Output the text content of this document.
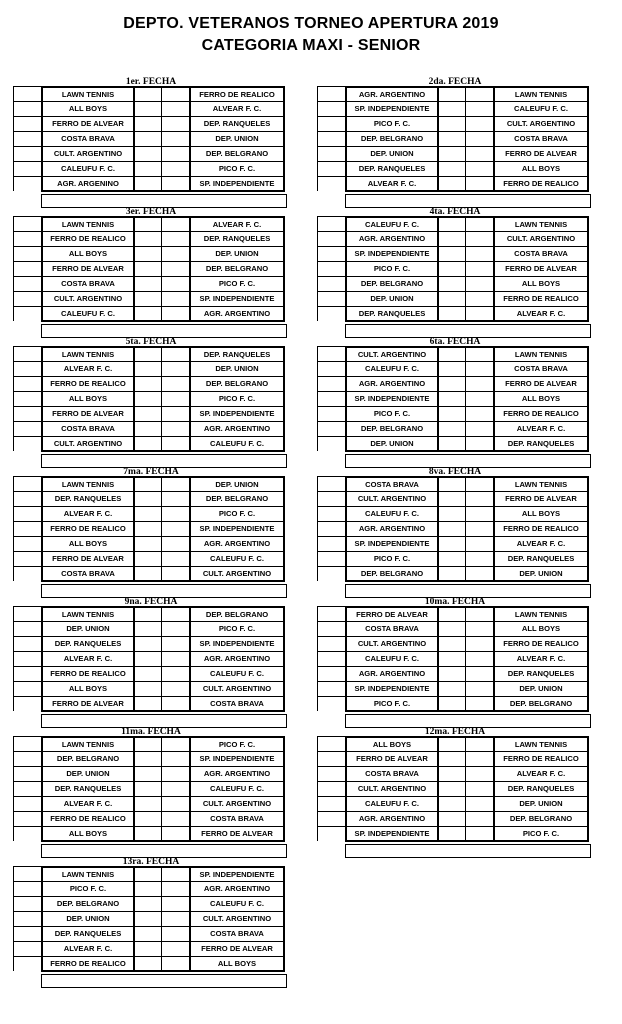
DEPTO. VETERANOS TORNEO APERTURA 2019
CATEGORIA MAXI - SENIOR
1er. FECHA
LAWN TENNIS	FERRO DE REALICO
ALL BOYS	ALVEAR F. C.
FERRO DE ALVEAR	DEP. RANQUELES
COSTA BRAVA	DEP. UNION
CULT. ARGENTINO	DEP. BELGRANO
CALEUFU F. C.	PICO F. C.
AGR. ARGENINO	SP. INDEPENDIENTE
2da. FECHA
AGR. ARGENTINO	LAWN TENNIS
SP. INDEPENDIENTE	CALEUFU F. C.
PICO F. C.	CULT. ARGENTINO
DEP. BELGRANO	COSTA BRAVA
DEP. UNION	FERRO DE ALVEAR
DEP. RANQUELES	ALL BOYS
ALVEAR F. C.	FERRO DE REALICO
3er. FECHA
LAWN TENNIS	ALVEAR F. C.
FERRO DE REALICO	DEP. RANQUELES
ALL BOYS	DEP. UNION
FERRO DE ALVEAR	DEP. BELGRANO
COSTA BRAVA	PICO F. C.
CULT. ARGENTINO	SP. INDEPENDIENTE
CALEUFU F. C.	AGR. ARGENTINO
4ta. FECHA
CALEUFU F. C.	LAWN TENNIS
AGR. ARGENTINO	CULT. ARGENTINO
SP. INDEPENDIENTE	COSTA BRAVA
PICO F. C.	FERRO DE ALVEAR
DEP. BELGRANO	ALL BOYS
DEP. UNION	FERRO DE REALICO
DEP. RANQUELES	ALVEAR F. C.
5ta. FECHA
LAWN TENNIS	DEP. RANQUELES
ALVEAR F. C.	DEP. UNION
FERRO DE REALICO	DEP. BELGRANO
ALL BOYS	PICO F. C.
FERRO DE ALVEAR	SP. INDEPENDIENTE
COSTA BRAVA	AGR. ARGENTINO
CULT. ARGENTINO	CALEUFU F. C.
6ta. FECHA
CULT. ARGENTINO	LAWN TENNIS
CALEUFU F. C.	COSTA BRAVA
AGR. ARGENTINO	FERRO DE ALVEAR
SP. INDEPENDIENTE	ALL BOYS
PICO F. C.	FERRO DE REALICO
DEP. BELGRANO	ALVEAR F. C.
DEP. UNION	DEP. RANQUELES
7ma. FECHA
LAWN TENNIS	DEP. UNION
DEP. RANQUELES	DEP. BELGRANO
ALVEAR F. C.	PICO F. C.
FERRO DE REALICO	SP. INDEPENDIENTE
ALL BOYS	AGR. ARGENTINO
FERRO DE ALVEAR	CALEUFU F. C.
COSTA BRAVA	CULT. ARGENTINO
8va. FECHA
COSTA BRAVA	LAWN TENNIS
CULT. ARGENTINO	FERRO DE ALVEAR
CALEUFU F. C.	ALL BOYS
AGR. ARGENTINO	FERRO DE REALICO
SP. INDEPENDIENTE	ALVEAR F. C.
PICO F. C.	DEP. RANQUELES
DEP. BELGRANO	DEP. UNION
9na. FECHA
LAWN TENNIS	DEP. BELGRANO
DEP. UNION	PICO F. C.
DEP. RANQUELES	SP. INDEPENDIENTE
ALVEAR F. C.	AGR. ARGENTINO
FERRO DE REALICO	CALEUFU F. C.
ALL BOYS	CULT. ARGENTINO
FERRO DE ALVEAR	COSTA BRAVA
10ma. FECHA
FERRO DE ALVEAR	LAWN TENNIS
COSTA BRAVA	ALL BOYS
CULT. ARGENTINO	FERRO DE REALICO
CALEUFU F. C.	ALVEAR F. C.
AGR. ARGENTINO	DEP. RANQUELES
SP. INDEPENDIENTE	DEP. UNION
PICO F. C.	DEP. BELGRANO
11ma. FECHA
LAWN TENNIS	PICO F. C.
DEP. BELGRANO	SP. INDEPENDIENTE
DEP. UNION	AGR. ARGENTINO
DEP. RANQUELES	CALEUFU F. C.
ALVEAR F. C.	CULT. ARGENTINO
FERRO DE REALICO	COSTA BRAVA
ALL BOYS	FERRO DE ALVEAR
12ma. FECHA
ALL BOYS	LAWN TENNIS
FERRO DE ALVEAR	FERRO DE REALICO
COSTA BRAVA	ALVEAR F. C.
CULT. ARGENTINO	DEP. RANQUELES
CALEUFU F. C.	DEP. UNION
AGR. ARGENTINO	DEP. BELGRANO
SP. INDEPENDIENTE	PICO F. C.
13ra. FECHA
LAWN TENNIS	SP. INDEPENDIENTE
PICO F. C.	AGR. ARGENTINO
DEP. BELGRANO	CALEUFU F. C.
DEP. UNION	CULT. ARGENTINO
DEP. RANQUELES	COSTA BRAVA
ALVEAR F. C.	FERRO DE ALVEAR
FERRO DE REALICO	ALL BOYS
